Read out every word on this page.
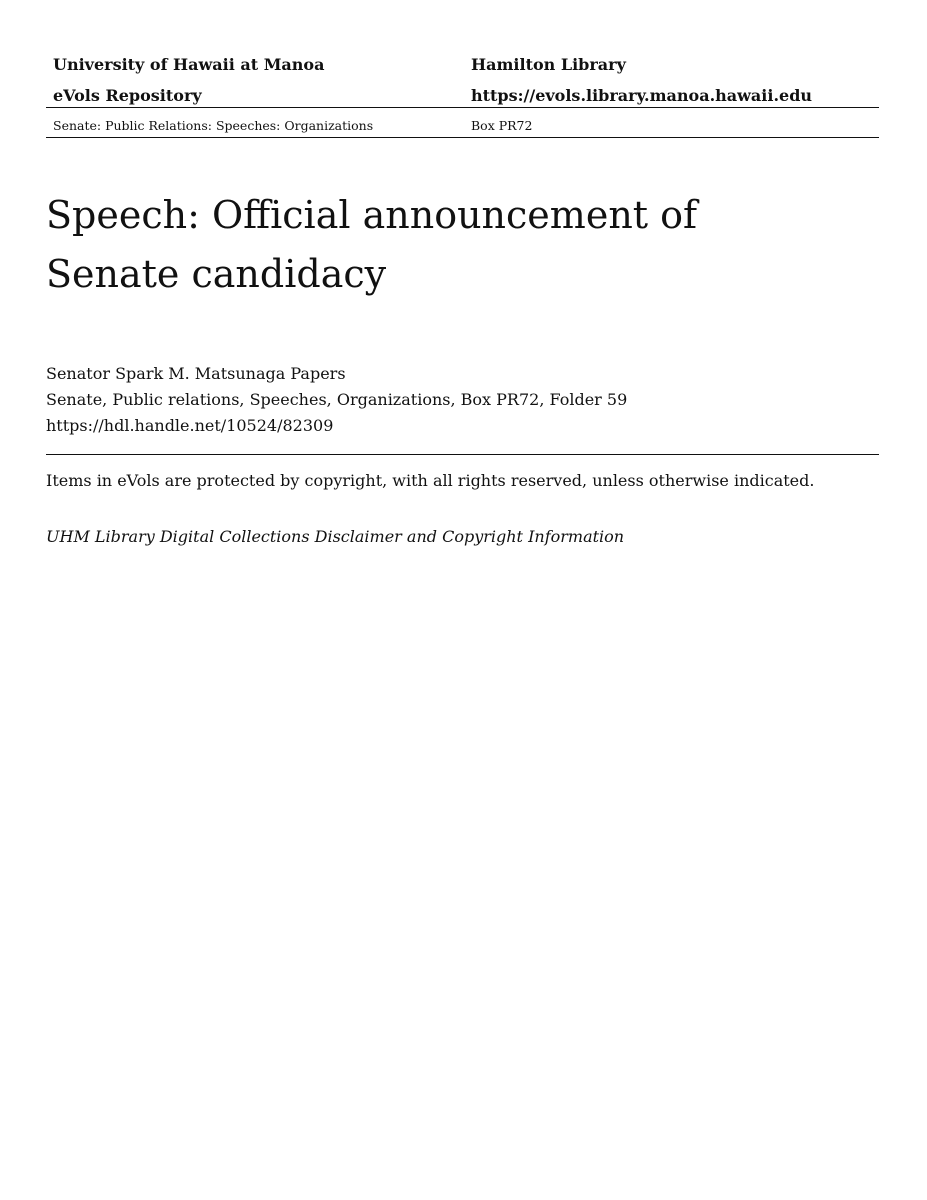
University of Hawaii at Manoa	Hamilton Library
eVols Repository	https://evols.library.manoa.hawaii.edu
Senate: Public Relations: Speeches: Organizations	Box PR72
Speech: Official announcement of
Senate candidacy
Senator Spark M. Matsunaga Papers
Senate, Public relations, Speeches, Organizations, Box PR72, Folder 59
https://hdl.handle.net/10524/82309
Items in eVols are protected by copyright, with all rights reserved, unless otherwise indicated.
UHM Library Digital Collections Disclaimer and Copyright Information
